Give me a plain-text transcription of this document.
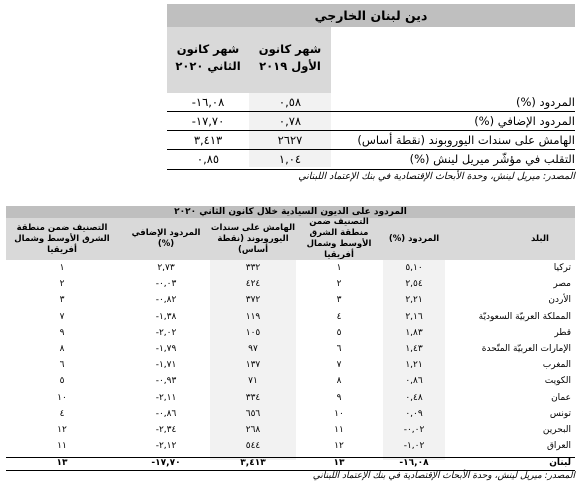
دين لبنان الخارجي
شهر كانون
الأول ٢٠١٩
شهر كانون
الثاني ٢٠٢٠
المردود (%)
٠,٥٨
-١٦,٠٨
المردود الإضافي (%)
٠,٧٨
-١٧,٧٠
الهامش على سندات اليوروبوند (نقطة أساس)
٢٦٢٧
٣,٤١٣
التقلب في مؤشّر ميريل لينش (%)
١,٠٤
٠,٨٥
المصدر: ميريل لينش، وحدة الأبحاث الإقتصادية في بنك الإعتماد اللبناني
المردود على الديون السيادية خلال كانون الثاني ٢٠٢٠
البلد
المردود (%)
التصنيف ضمن منطقة الشرق الأوسط وشمال أفريقيا
الهامش على سندات اليوروبوند (نقطة أساس)
المردود الإضافي (%)
التصنيف ضمن منطقة الشرق الأوسط وشمال أفريقيا
تركيا
٥,١٠
١
٣٣٢
٢,٧٣
١
مصر
٢,٥٤
٢
٤٢٤
-٠,٠٣
٢
الأردن
٢,٢١
٣
٣٧٢
-٠,٨٢
٣
المملكة العربيّة السعوديّة
٢,١٦
٤
١١٩
-١,٣٨
٧
قطر
١,٨٣
٥
١٠٥
-٢,٠٢
٩
الإمارات العربيّة المتّحدة
١,٤٣
٦
٩٧
-١,٧٩
٨
المغرب
١,٢١
٧
١٣٧
-١,٧١
٦
الكويت
٠,٨٦
٨
٧١
-٠,٩٣
٥
عمان
٠,٤٨
٩
٣٣٤
-٢,١١
١٠
تونس
٠,٠٩
١٠
٦٥٦
-٠,٨٦
٤
البحرين
-٠,٠٢
١١
٢٦٨
-٢,٣٤
١٢
العراق
-١,٠٢
١٢
٥٤٤
-٢,١٢
١١
لبنان
-١٦,٠٨
١٣
٣,٤١٣
-١٧,٧٠
١٣
المصدر: ميريل لينش، وحدة الأبحاث الإقتصادية في بنك الإعتماد اللبناني
